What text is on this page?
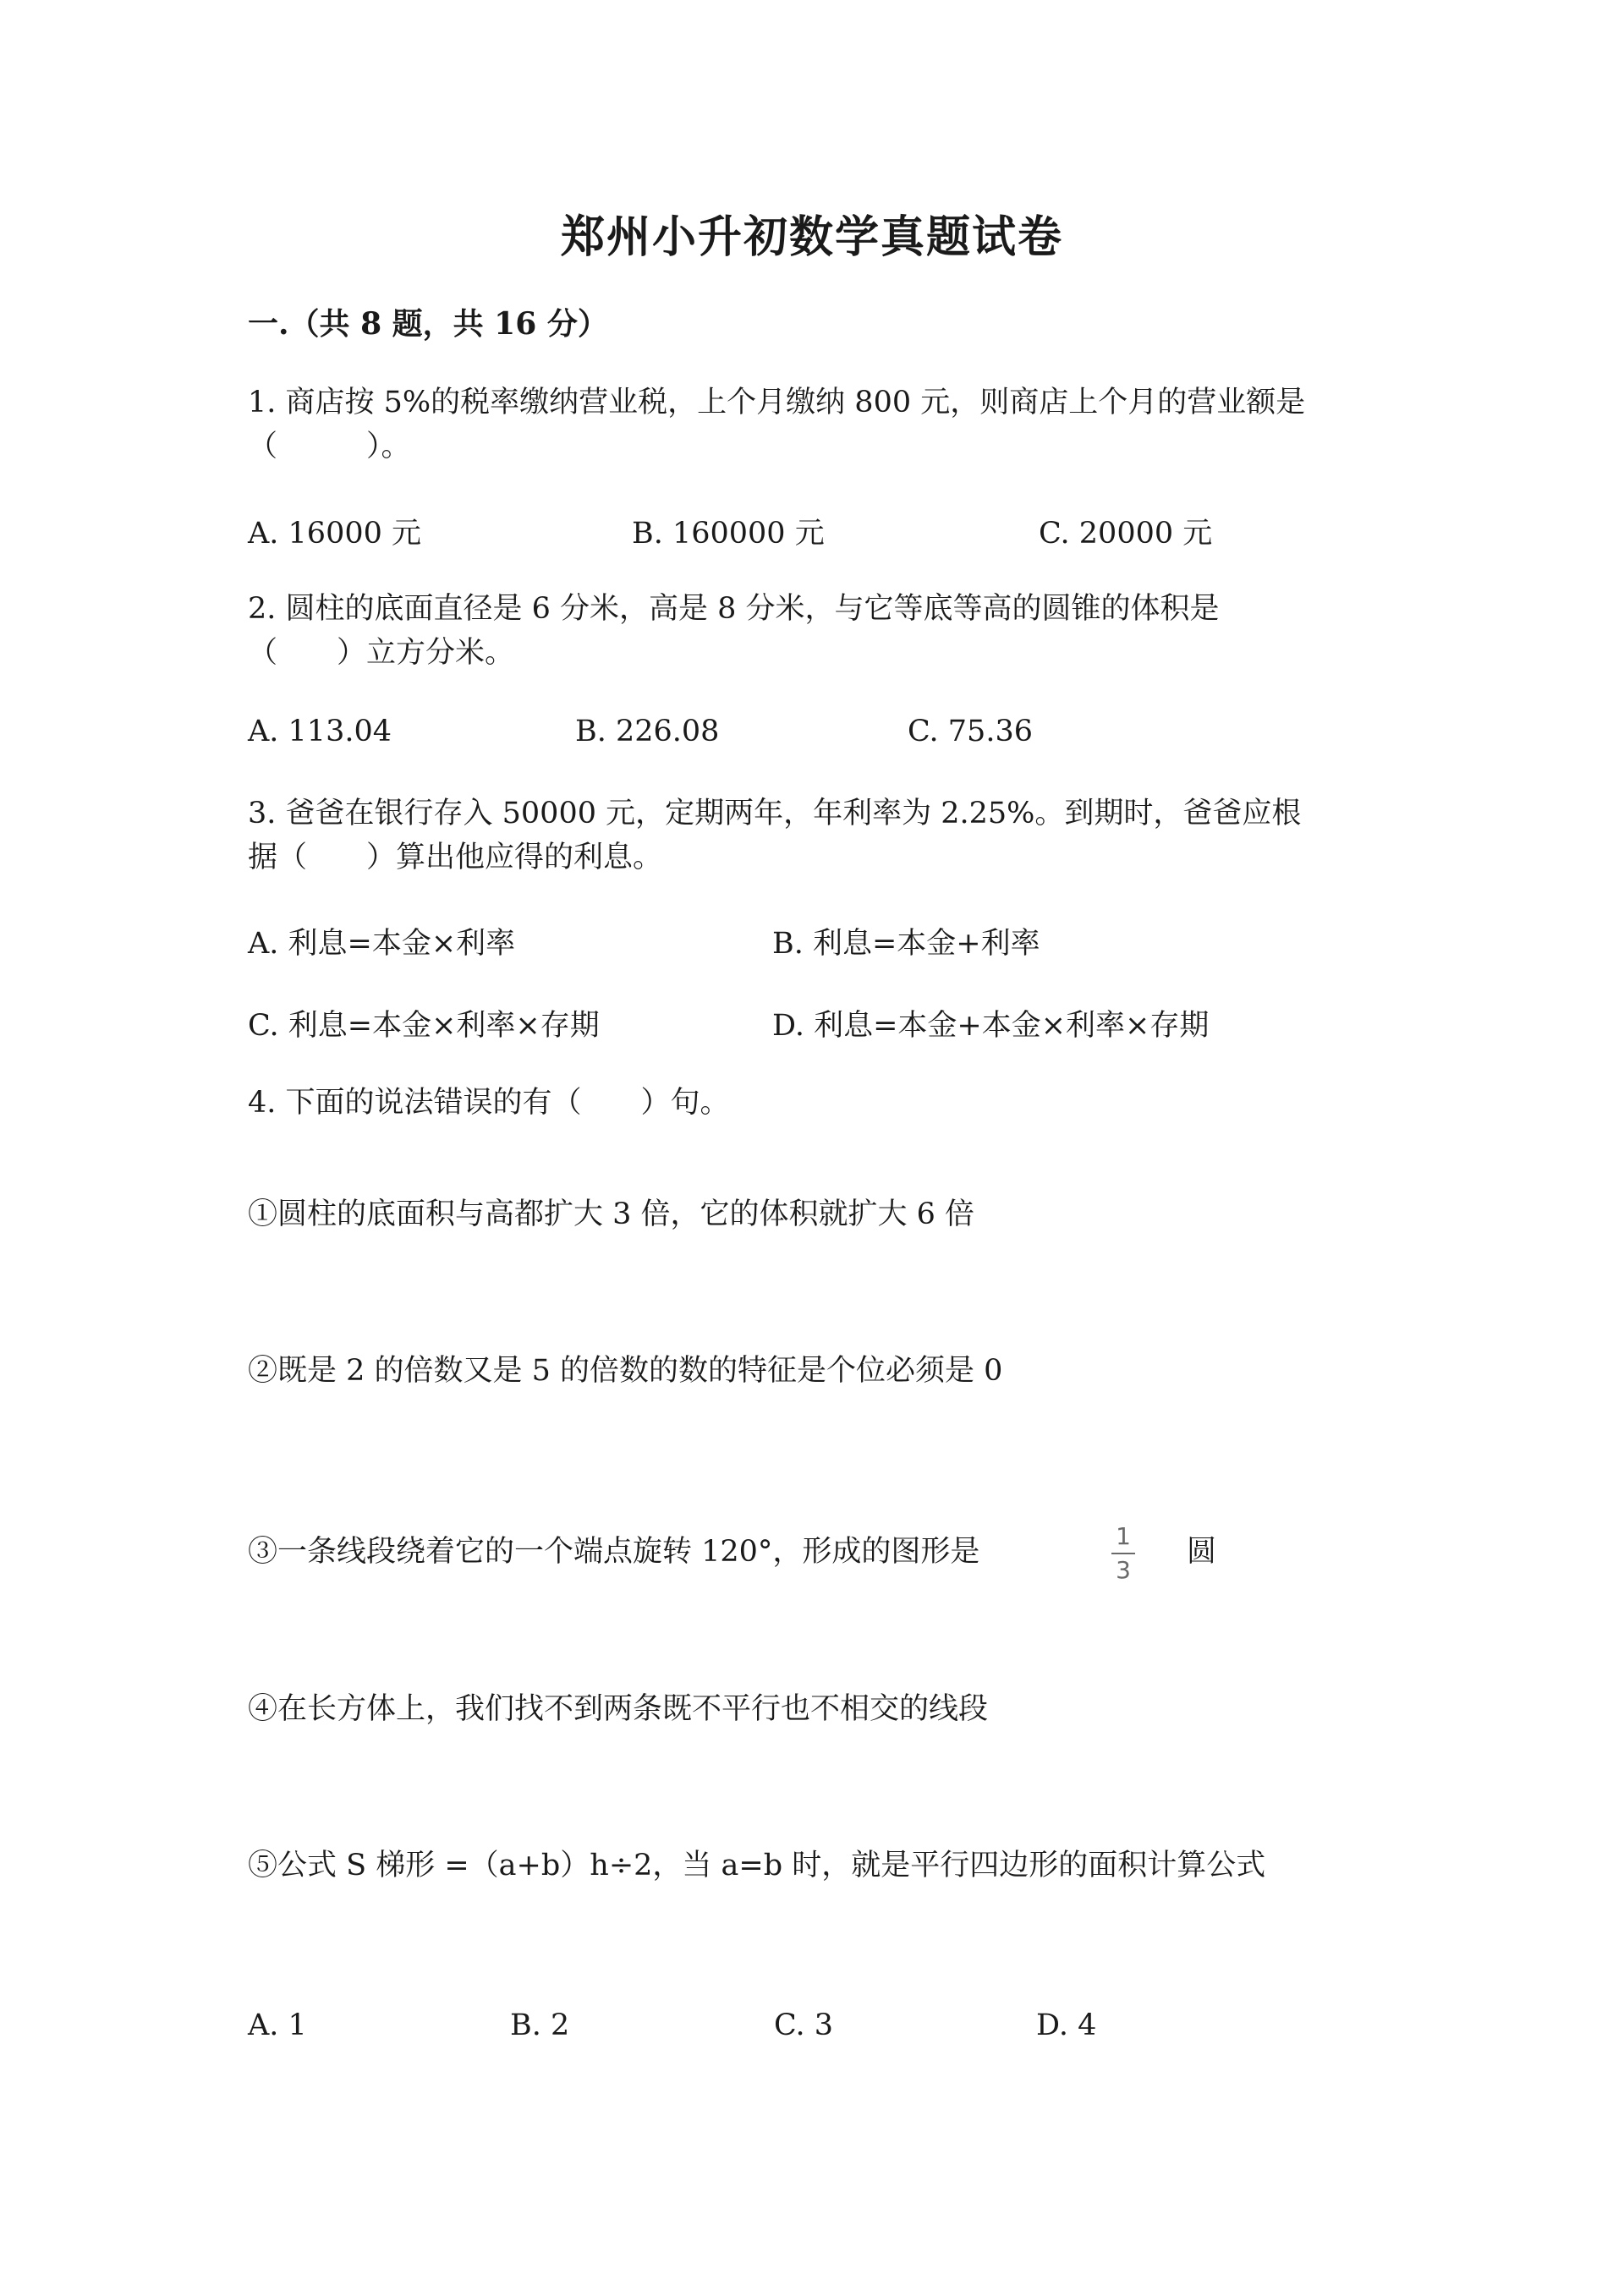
郑州小升初数学真题试卷
一.（共 8 题，共 16 分）
1. 商店按 5%的税率缴纳营业税，上个月缴纳 800 元，则商店上个月的营业额是
（　　　）。
A. 16000 元	B. 160000 元	C. 20000 元
2. 圆柱的底面直径是 6 分米，高是 8 分米，与它等底等高的圆锥的体积是
（　　）立方分米。
A. 113.04	B. 226.08	C. 75.36
3. 爸爸在银行存入 50000 元，定期两年，年利率为 2.25%。到期时，爸爸应根
据（　　）算出他应得的利息。
A. 利息=本金×利率	B. 利息=本金+利率
C. 利息=本金×利率×存期	D. 利息=本金+本金×利率×存期
4. 下面的说法错误的有（　　）句。
①圆柱的底面积与高都扩大 3 倍，它的体积就扩大 6 倍
②既是 2 的倍数又是 5 的倍数的数的特征是个位必须是 0
③一条线段绕着它的一个端点旋转 120°，形成的图形是	1
3
圆
④在长方体上，我们找不到两条既不平行也不相交的线段
⑤公式 S 梯形 =（a+b）h÷2，当 a=b 时，就是平行四边形的面积计算公式
A. 1	B. 2	C. 3	D. 4
